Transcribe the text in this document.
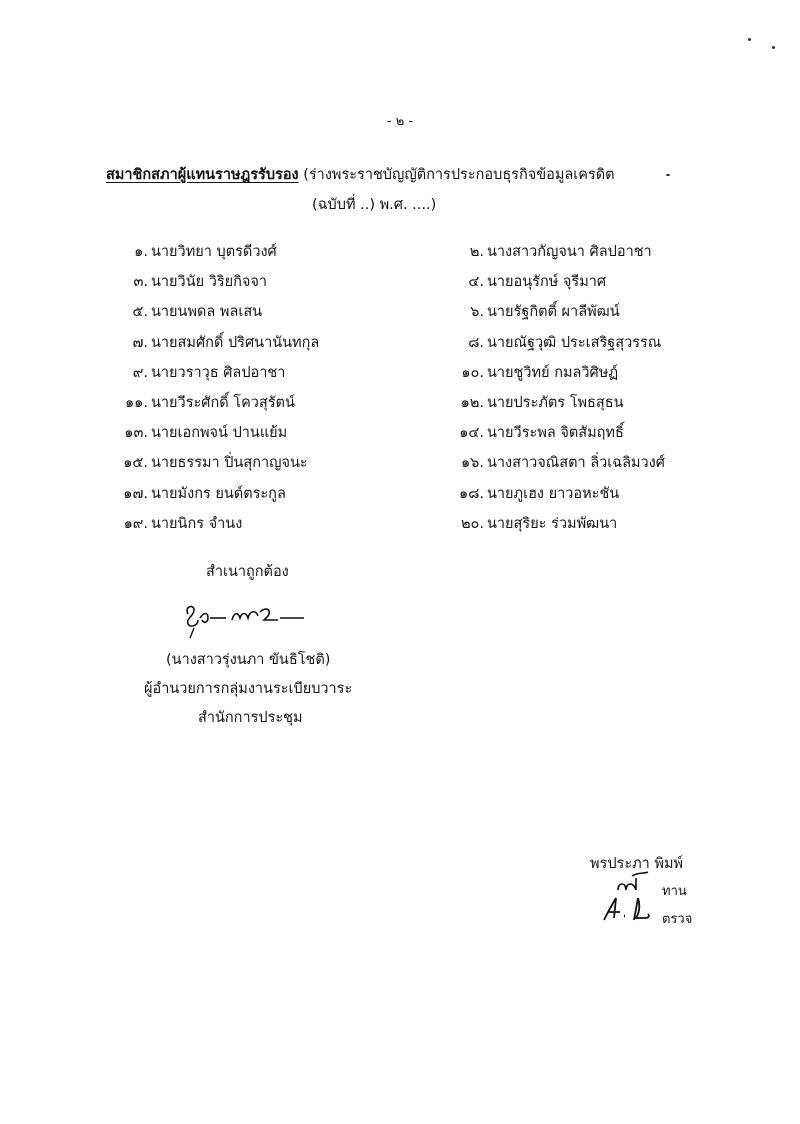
- ๒ -
สมาชิกสภาผู้แทนราษฎรรับรอง (ร่างพระราชบัญญัติการประกอบธุรกิจข้อมูลเครดิต
(ฉบับที่ ..) พ.ศ. ....)
๑. นายวิทยา บุตรดีวงศ์	๒. นางสาวกัญจนา ศิลปอาชา
๓. นายวินัย วิริยกิจจา	๔. นายอนุรักษ์ จุรีมาศ
๕. นายนพดล พลเสน	๖. นายรัฐกิตติ์ ผาลีพัฒน์
๗. นายสมศักดิ์ ปริศนานันทกุล	๘. นายณัฐวุฒิ ประเสริฐสุวรรณ
๙. นายวราวุธ ศิลปอาชา	๑๐. นายชูวิทย์ กมลวิศิษฏ์
๑๑. นายวีระศักดิ์ โควสุรัตน์	๑๒. นายประภัตร โพธสุธน
๑๓. นายเอกพจน์ ปานแย้ม	๑๔. นายวีระพล จิตสัมฤทธิ์
๑๕. นายธรรมา ปิ่นสุกาญจนะ	๑๖. นางสาวจณิสตา ลิ่วเฉลิมวงศ์
๑๗. นายมังกร ยนต์ตระกูล	๑๘. นายภูเฮง ยาวอหะชัน
๑๙. นายนิกร จำนง	๒๐. นายสุริยะ ร่วมพัฒนา
สำเนาถูกต้อง
(นางสาวรุ่งนภา ขันธิโชติ)
ผู้อำนวยการกลุ่มงานระเบียบวาระ
สำนักการประชุม
พรประภา พิมพ์
ทาน
ตรวจ
